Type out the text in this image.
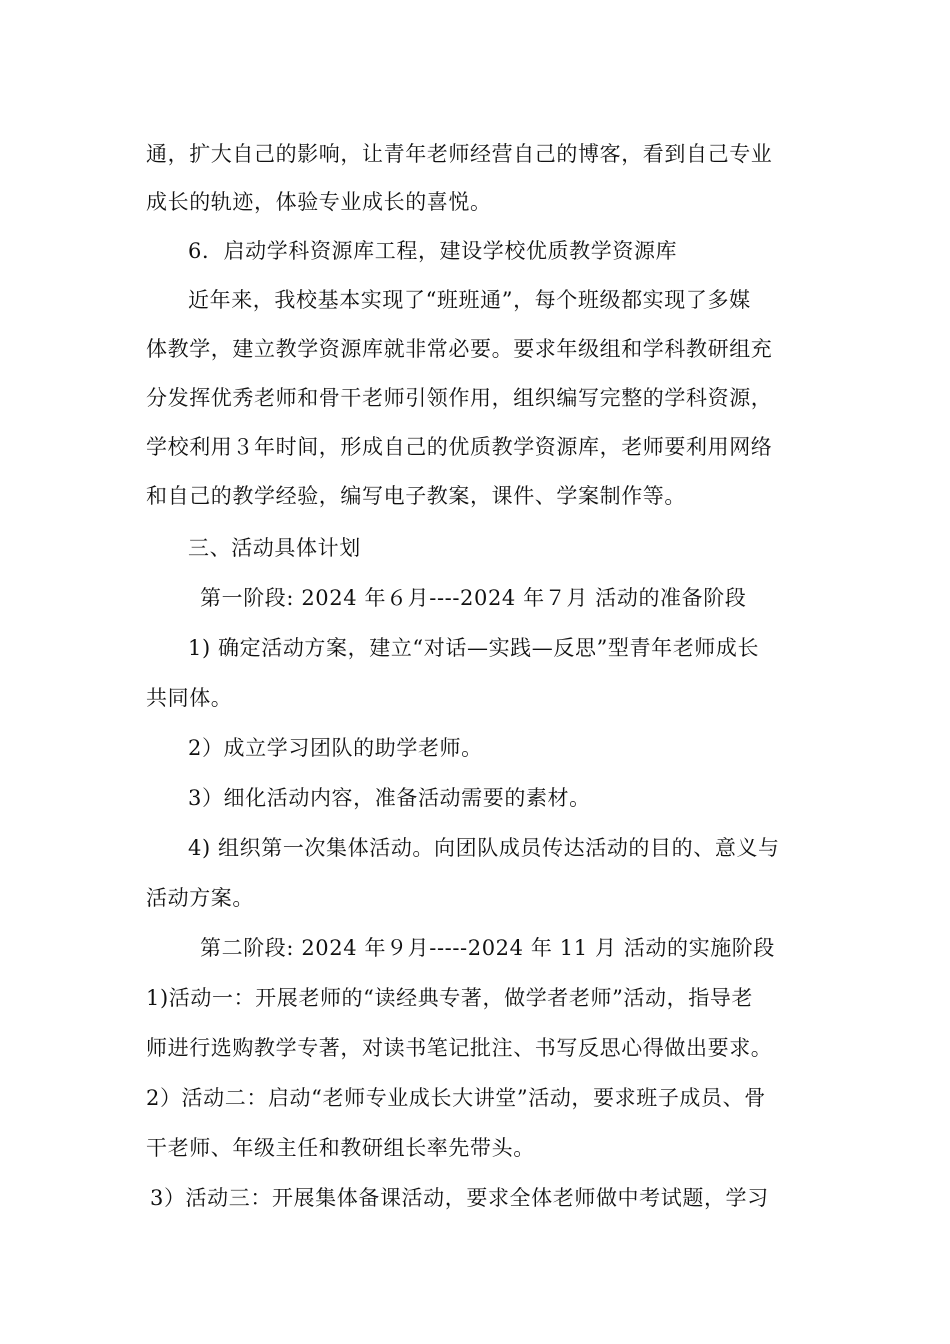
通，扩大自己的影响，让青年老师经营自己的博客，看到自己专业
成长的轨迹，体验专业成长的喜悦。
6．启动学科资源库工程，建设学校优质教学资源库
近年来，我校基本实现了“班班通”，每个班级都实现了多媒
体教学，建立教学资源库就非常必要。要求年级组和学科教研组充
分发挥优秀老师和骨干老师引领作用，组织编写完整的学科资源，
学校利用３年时间，形成自己的优质教学资源库，老师要利用网络
和自己的教学经验，编写电子教案，课件、学案制作等。
三、活动具体计划
第一阶段: 2024 年６月----2024 年７月 活动的准备阶段
1) 确定活动方案，建立“对话—实践—反思”型青年老师成长
共同体。
2）成立学习团队的助学老师。
3）细化活动内容，准备活动需要的素材。
4) 组织第一次集体活动。向团队成员传达活动的目的、意义与
活动方案。
第二阶段: 2024 年９月-----2024 年 11 月 活动的实施阶段
1)活动一：开展老师的“读经典专著，做学者老师”活动，指导老
师进行选购教学专著，对读书笔记批注、书写反思心得做出要求。
2）活动二：启动“老师专业成长大讲堂”活动，要求班子成员、骨
干老师、年级主任和教研组长率先带头。
3）活动三：开展集体备课活动，要求全体老师做中考试题，学习
